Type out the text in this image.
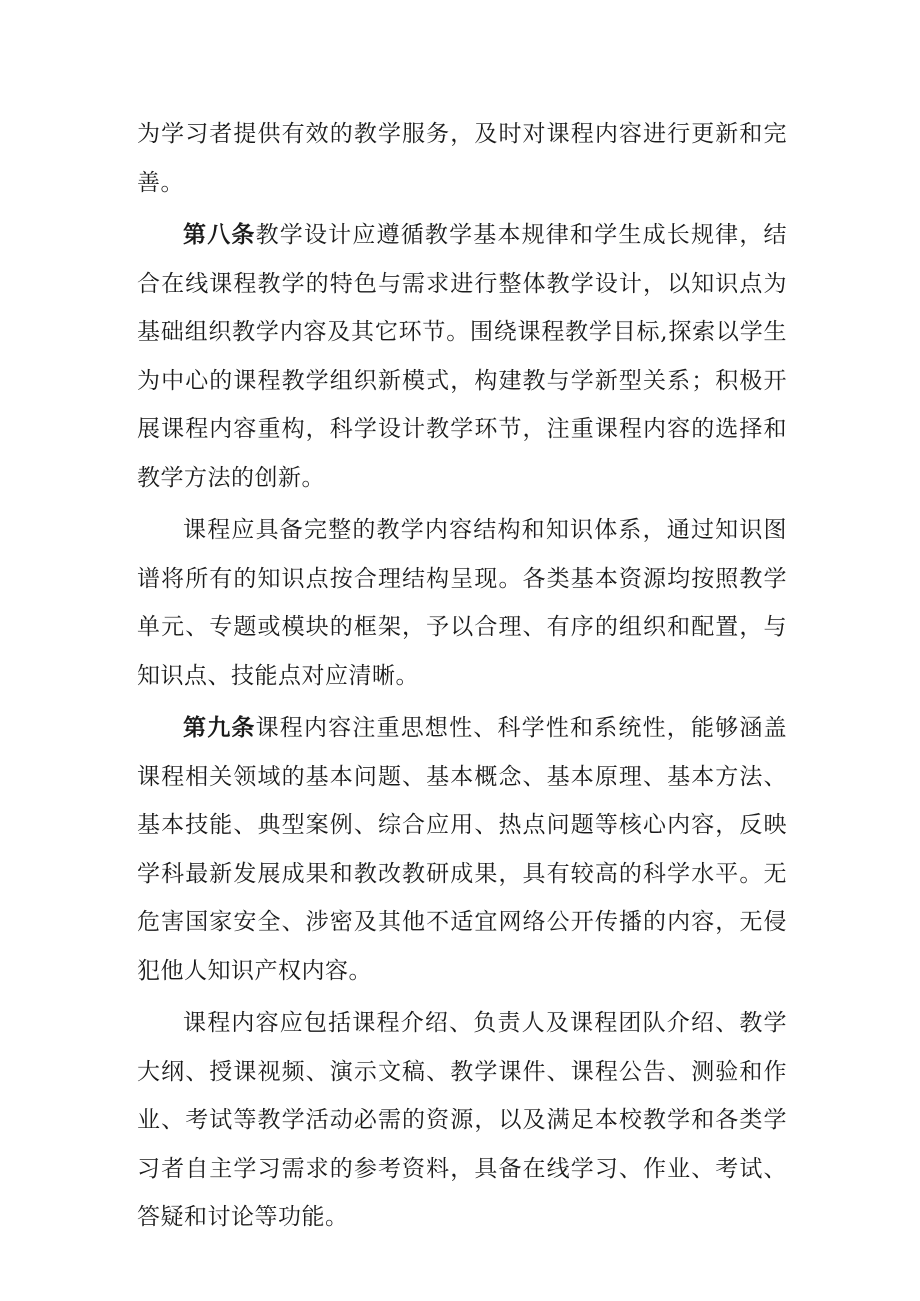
为学习者提供有效的教学服务，及时对课程内容进行更新和完善。

第八条教学设计应遵循教学基本规律和学生成长规律，结合在线课程教学的特色与需求进行整体教学设计，以知识点为基础组织教学内容及其它环节。围绕课程教学目标,探索以学生为中心的课程教学组织新模式，构建教与学新型关系；积极开展课程内容重构，科学设计教学环节，注重课程内容的选择和教学方法的创新。

课程应具备完整的教学内容结构和知识体系，通过知识图谱将所有的知识点按合理结构呈现。各类基本资源均按照教学单元、专题或模块的框架，予以合理、有序的组织和配置，与知识点、技能点对应清晰。

第九条课程内容注重思想性、科学性和系统性，能够涵盖课程相关领域的基本问题、基本概念、基本原理、基本方法、基本技能、典型案例、综合应用、热点问题等核心内容，反映学科最新发展成果和教改教研成果，具有较高的科学水平。无危害国家安全、涉密及其他不适宜网络公开传播的内容，无侵犯他人知识产权内容。

课程内容应包括课程介绍、负责人及课程团队介绍、教学大纲、授课视频、演示文稿、教学课件、课程公告、测验和作业、考试等教学活动必需的资源，以及满足本校教学和各类学习者自主学习需求的参考资料，具备在线学习、作业、考试、答疑和讨论等功能。
